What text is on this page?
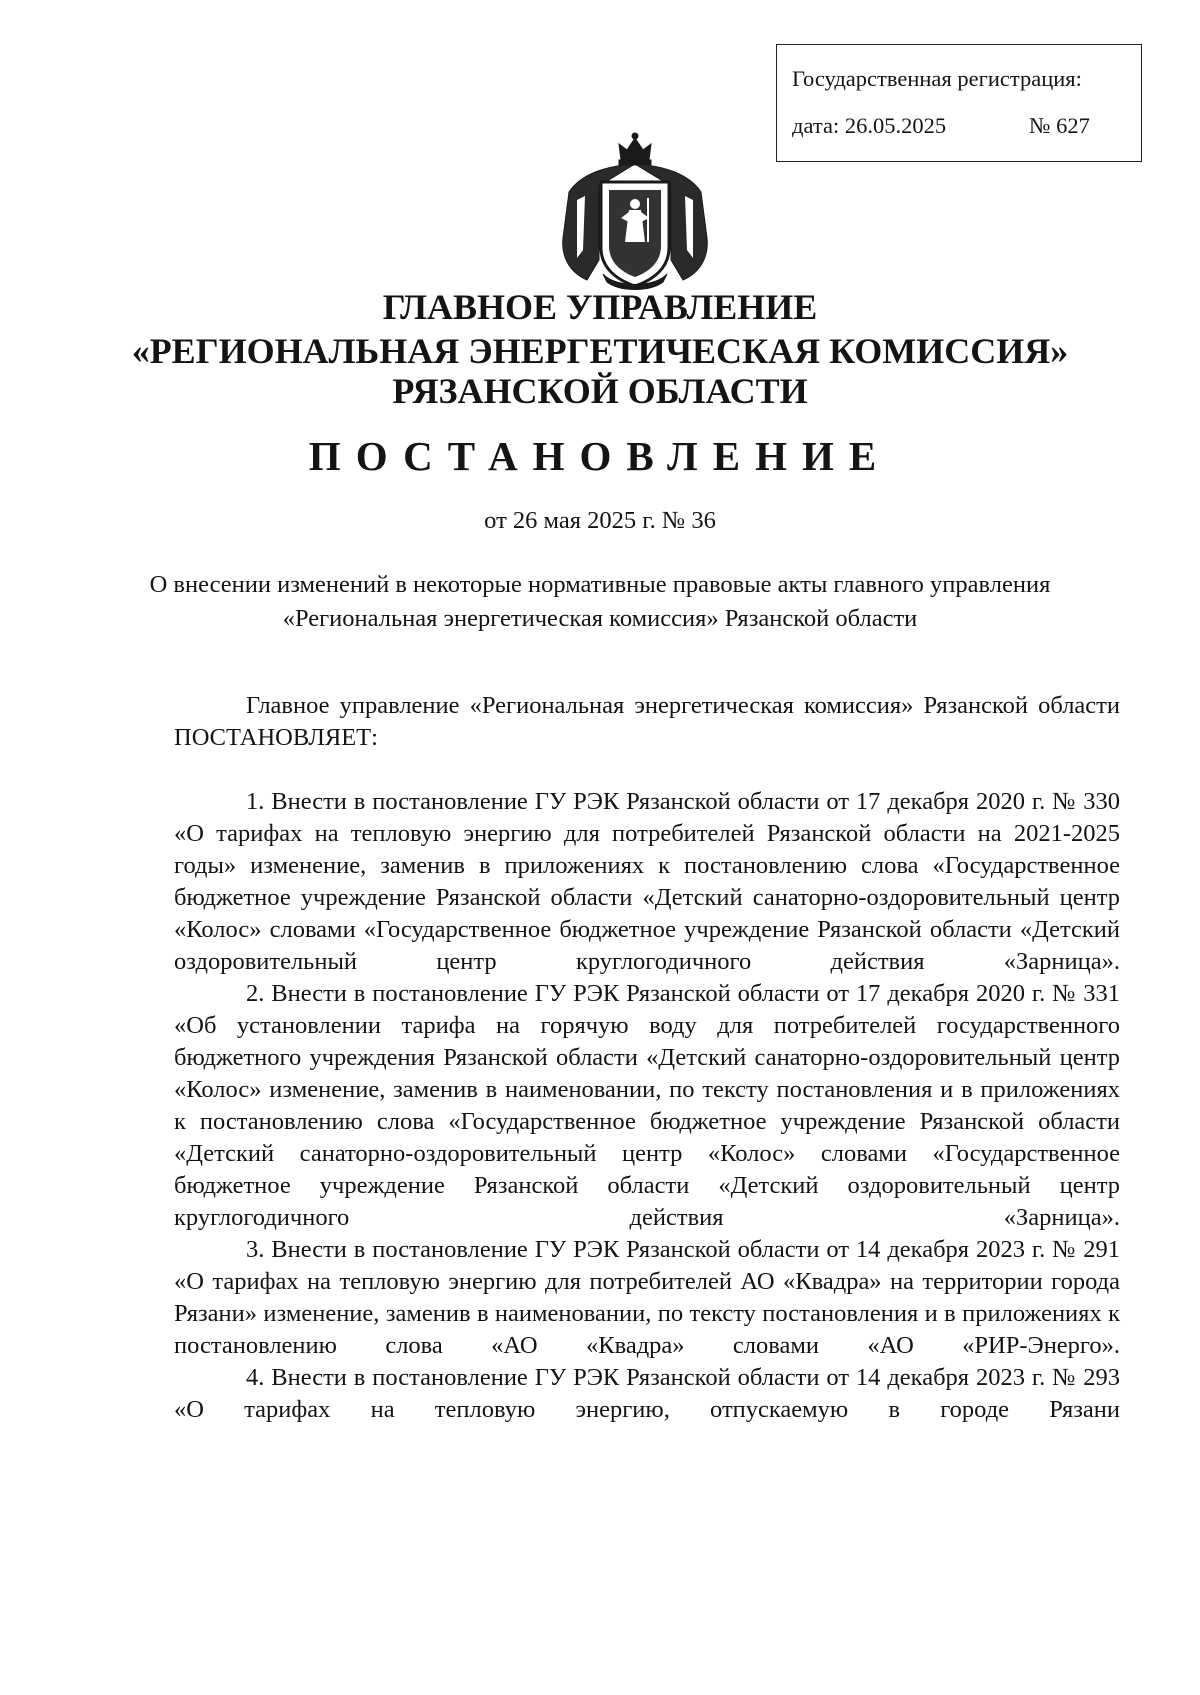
Государственная регистрация:
дата: 26.05.2025	№ 627
ГЛАВНОЕ УПРАВЛЕНИЕ
«РЕГИОНАЛЬНАЯ ЭНЕРГЕТИЧЕСКАЯ КОМИССИЯ»
РЯЗАНСКОЙ ОБЛАСТИ
ПОСТАНОВЛЕНИЕ
от 26 мая 2025 г. № 36
О внесении изменений в некоторые нормативные правовые акты главного управления «Региональная энергетическая комиссия» Рязанской области

Главное управление «Региональная энергетическая комиссия» Рязанской области ПОСТАНОВЛЯЕТ:

1. Внести в постановление ГУ РЭК Рязанской области от 17 декабря 2020 г. № 330 «О тарифах на тепловую энергию для потребителей Рязанской области на 2021-2025 годы» изменение, заменив в приложениях к постановлению слова «Государственное бюджетное учреждение Рязанской области «Детский санаторно-оздоровительный центр «Колос» словами «Государственное бюджетное учреждение Рязанской области «Детский оздоровительный центр круглогодичного действия «Зарница».

2. Внести в постановление ГУ РЭК Рязанской области от 17 декабря 2020 г. № 331 «Об установлении тарифа на горячую воду для потребителей государственного бюджетного учреждения Рязанской области «Детский санаторно-оздоровительный центр «Колос» изменение, заменив в наименовании, по тексту постановления и в приложениях к постановлению слова «Государственное бюджетное учреждение Рязанской области «Детский санаторно-оздоровительный центр «Колос» словами «Государственное бюджетное учреждение Рязанской области «Детский оздоровительный центр круглогодичного действия «Зарница».

3. Внести в постановление ГУ РЭК Рязанской области от 14 декабря 2023 г. № 291 «О тарифах на тепловую энергию для потребителей АО «Квадра» на территории города Рязани» изменение, заменив в наименовании, по тексту постановления и в приложениях к постановлению слова «АО «Квадра» словами «АО «РИР-Энерго».

4. Внести в постановление ГУ РЭК Рязанской области от 14 декабря 2023 г. № 293 «О тарифах на тепловую энергию, отпускаемую в городе Рязани
